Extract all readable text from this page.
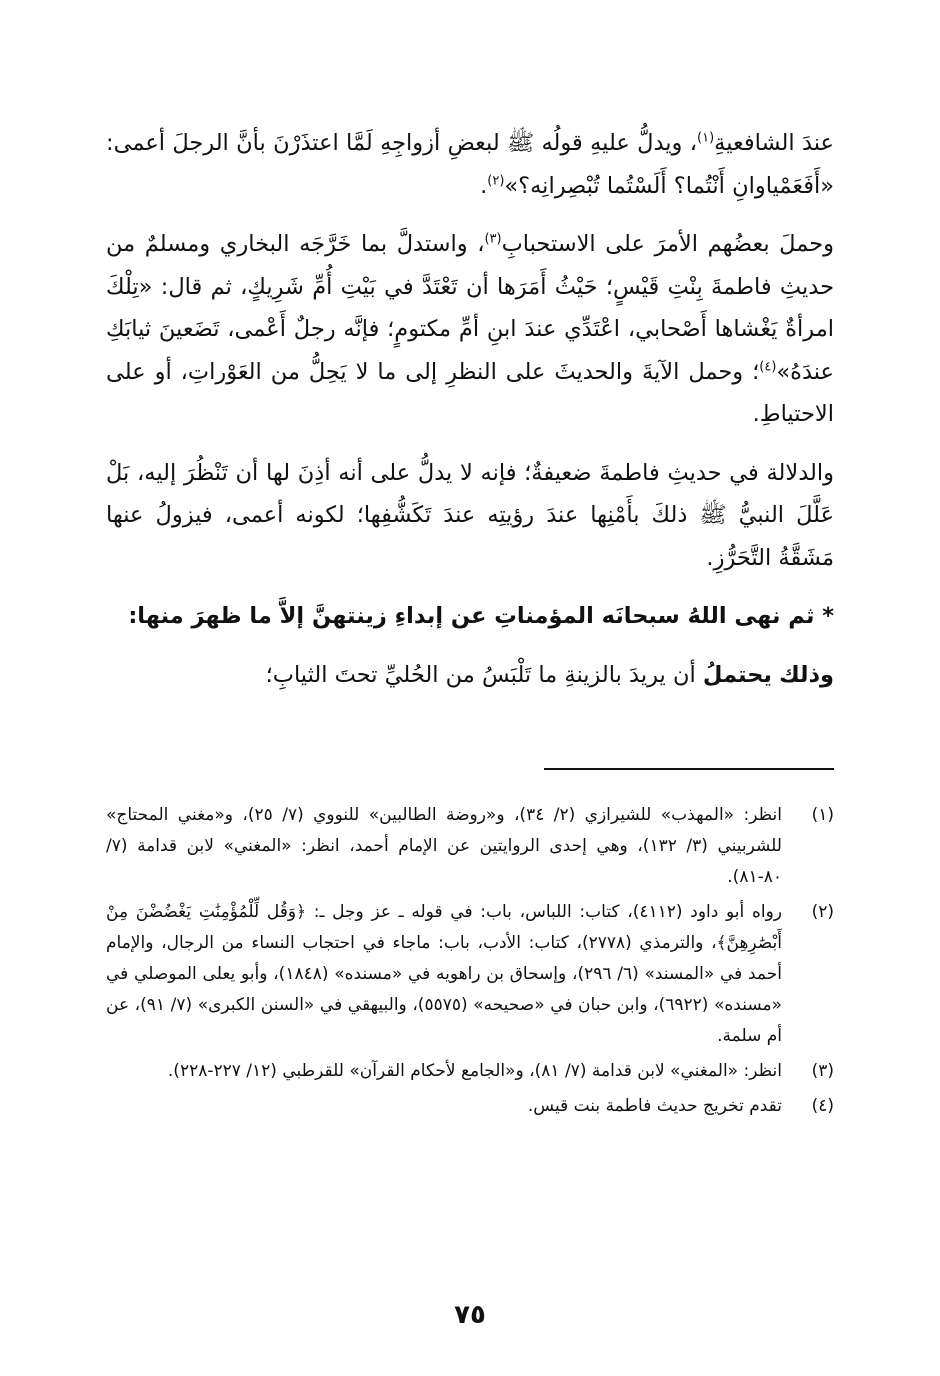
عندَ الشافعيةِ$^{(١)}$، ويدلُّ عليهِ قولُه ﷺ لبعضِ أزواجِهِ لَمَّا اعتذَرْنَ بأنَّ الرجلَ أعمى: «أَفَعَمْياوانِ أَنْتُما؟ أَلَسْتُما تُبْصِرانِه؟»$^{(٢)}$.

وحملَ بعضُهم الأمرَ على الاستحبابِ$^{(٣)}$، واستدلَّ بما خَرَّجَه البخاري ومسلمٌ من حديثِ فاطمةَ بِنْتِ قَيْسٍ؛ حَيْثُ أَمَرَها أن تَعْتَدَّ في بَيْتِ أُمِّ شَرِيكٍ، ثم قال: «تِلْكَ امرأةٌ يَغْشاها أَصْحابي، اعْتَدِّي عندَ ابنِ أمِّ مكتومٍ؛ فإنَّه رجلٌ أَعْمى، تَضَعينَ ثيابَكِ عندَهُ»$^{(٤)}$؛ وحمل الآيةَ والحديثَ على النظرِ إلى ما لا يَحِلُّ من العَوْراتِ، أو على الاحتياطِ.

والدلالة في حديثِ فاطمةَ ضعيفةٌ؛ فإنه لا يدلُّ على أنه أذِنَ لها أن تَنْظُرَ إليه، بَلْ عَلَّلَ النبيُّ ﷺ ذلكَ بأَمْنِها عندَ رؤيتِه عندَ تَكَشُّفِها؛ لكونه أعمى، فيزولُ عنها مَشَقَّةُ التَّحَرُّزِ.

* ثم نهى اللهُ سبحانَه المؤمناتِ عن إبداءِ زينتهنَّ إلاَّ ما ظهرَ منها:

وذلك يحتملُ أن يريدَ بالزينةِ ما تَلْبَسُ من الحُليِّ تحتَ الثيابِ؛

(١)
انظر: «المهذب» للشيرازي (٢/ ٣٤)، و«روضة الطالبين» للنووي (٧/ ٢٥)، و«مغني المحتاج» للشربيني (٣/ ١٣٢)، وهي إحدى الروايتين عن الإمام أحمد، انظر: «المغني» لابن قدامة (٧/ ٨٠-٨١).
(٢)
رواه أبو داود (٤١١٢)، كتاب: اللباس، باب: في قوله ـ عز وجل ـ: ﴿وَقُل لِّلْمُؤْمِنَٰتِ يَغْضُضْنَ مِنْ أَبْصَٰرِهِنَّ﴾، والترمذي (٢٧٧٨)، كتاب: الأدب، باب: ماجاء في احتجاب النساء من الرجال، والإمام أحمد في «المسند» (٦/ ٢٩٦)، وإسحاق بن راهويه في «مسنده» (١٨٤٨)، وأبو يعلى الموصلي في «مسنده» (٦٩٢٢)، وابن حبان في «صحيحه» (٥٥٧٥)، والبيهقي في «السنن الكبرى» (٧/ ٩١)، عن أم سلمة.
(٣)
انظر: «المغني» لابن قدامة (٧/ ٨١)، و«الجامع لأحكام القرآن» للقرطبي (١٢/ ٢٢٧-٢٢٨).
(٤)
تقدم تخريج حديث فاطمة بنت قيس.
٧٥
